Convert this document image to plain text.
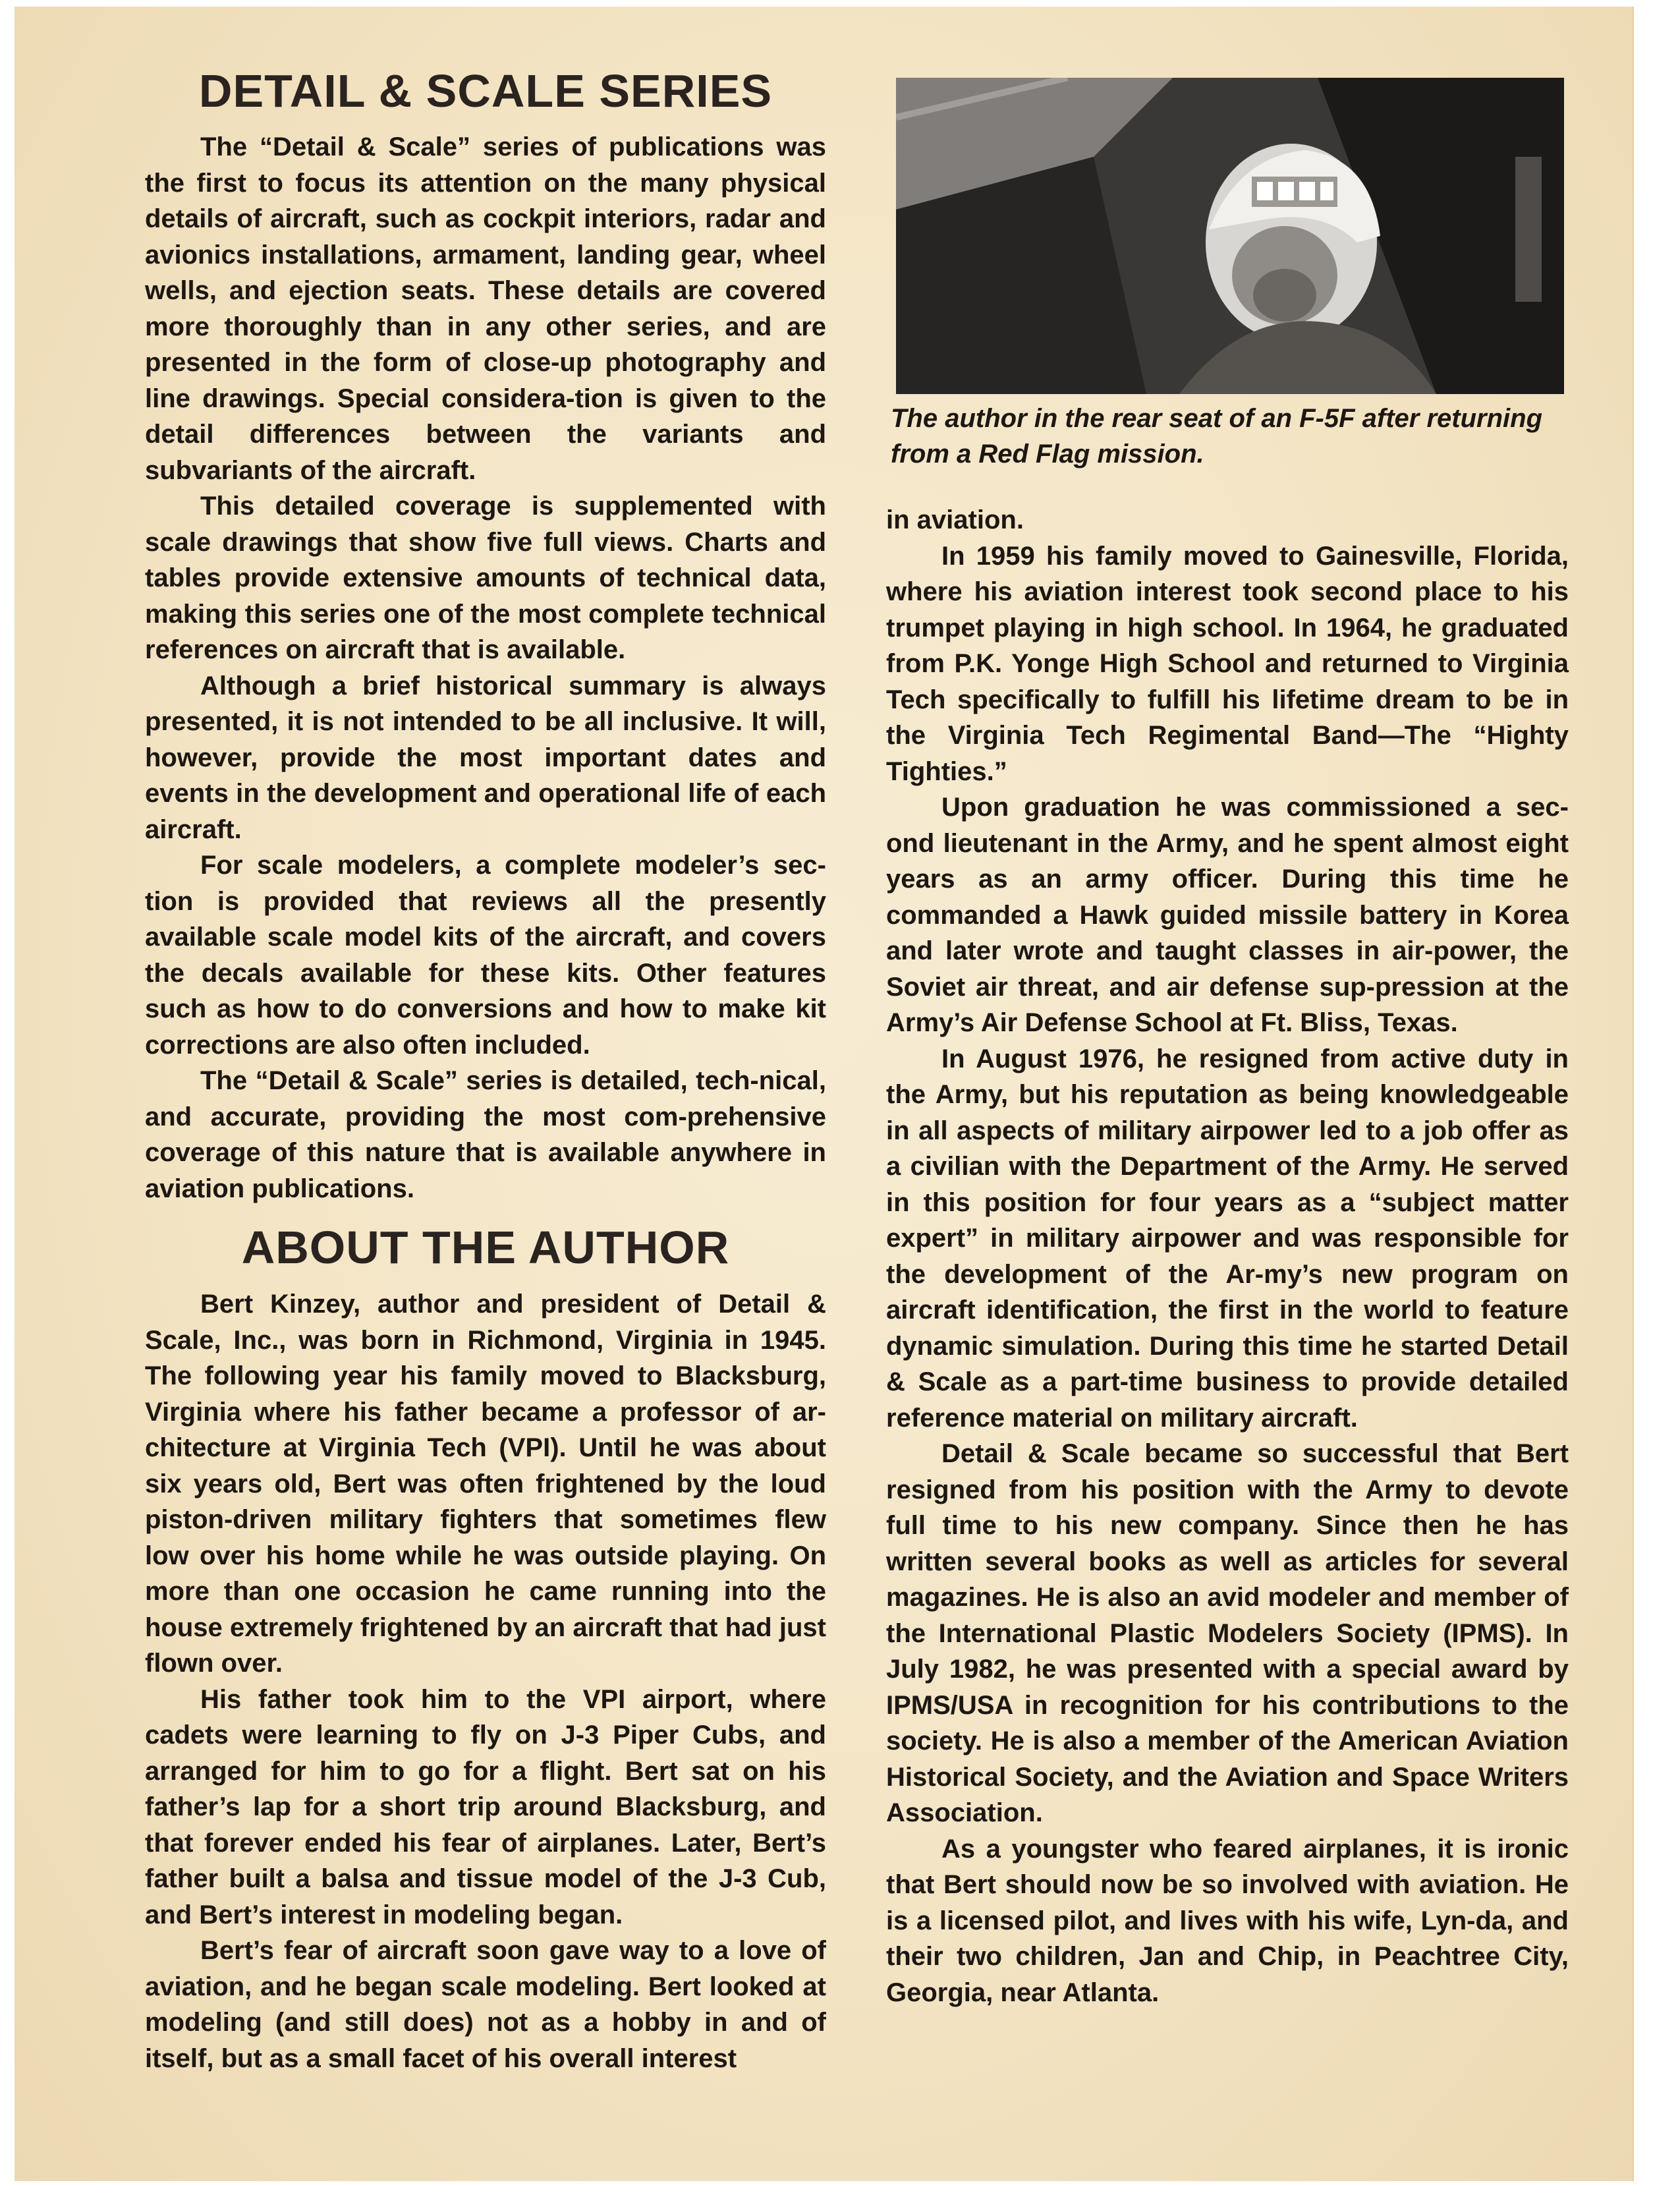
DETAIL & SCALE SERIES

The “Detail & Scale” series of publications was the first to focus its attention on the many physical details of aircraft, such as cockpit interiors, radar and avionics installations, armament, landing gear, wheel wells, and ejection seats. These details are covered more thoroughly than in any other series, and are presented in the form of close-up photography and line drawings. Special considera-tion is given to the detail differences between the variants and subvariants of the aircraft.

This detailed coverage is supplemented with scale drawings that show five full views. Charts and tables provide extensive amounts of technical data, making this series one of the most complete technical references on aircraft that is available.

Although a brief historical summary is always presented, it is not intended to be all inclusive. It will, however, provide the most important dates and events in the development and operational life of each aircraft.

For scale modelers, a complete modeler’s sec-tion is provided that reviews all the presently available scale model kits of the aircraft, and covers the decals available for these kits. Other features such as how to do conversions and how to make kit corrections are also often included.

The “Detail & Scale” series is detailed, tech-nical, and accurate, providing the most com-prehensive coverage of this nature that is available anywhere in aviation publications.

ABOUT THE AUTHOR

Bert Kinzey, author and president of Detail & Scale, Inc., was born in Richmond, Virginia in 1945. The following year his family moved to Blacksburg, Virginia where his father became a professor of ar-chitecture at Virginia Tech (VPI). Until he was about six years old, Bert was often frightened by the loud piston-driven military fighters that sometimes flew low over his home while he was outside playing. On more than one occasion he came running into the house extremely frightened by an aircraft that had just flown over.

His father took him to the VPI airport, where cadets were learning to fly on J-3 Piper Cubs, and arranged for him to go for a flight. Bert sat on his father’s lap for a short trip around Blacksburg, and that forever ended his fear of airplanes. Later, Bert’s father built a balsa and tissue model of the J-3 Cub, and Bert’s interest in modeling began.

Bert’s fear of aircraft soon gave way to a love of aviation, and he began scale modeling. Bert looked at modeling (and still does) not as a hobby in and of itself, but as a small facet of his overall interest

The author in the rear seat of an F-5F after returning from a Red Flag mission.

in aviation.

In 1959 his family moved to Gainesville, Florida, where his aviation interest took second place to his trumpet playing in high school. In 1964, he graduated from P.K. Yonge High School and returned to Virginia Tech specifically to fulfill his lifetime dream to be in the Virginia Tech Regimental Band—The “Highty Tighties.”

Upon graduation he was commissioned a sec-ond lieutenant in the Army, and he spent almost eight years as an army officer. During this time he commanded a Hawk guided missile battery in Korea and later wrote and taught classes in air-power, the Soviet air threat, and air defense sup-pression at the Army’s Air Defense School at Ft. Bliss, Texas.

In August 1976, he resigned from active duty in the Army, but his reputation as being knowledgeable in all aspects of military airpower led to a job offer as a civilian with the Department of the Army. He served in this position for four years as a “subject matter expert” in military airpower and was responsible for the development of the Ar-my’s new program on aircraft identification, the first in the world to feature dynamic simulation. During this time he started Detail & Scale as a part-time business to provide detailed reference material on military aircraft.

Detail & Scale became so successful that Bert resigned from his position with the Army to devote full time to his new company. Since then he has written several books as well as articles for several magazines. He is also an avid modeler and member of the International Plastic Modelers Society (IPMS). In July 1982, he was presented with a special award by IPMS/USA in recognition for his contributions to the society. He is also a member of the American Aviation Historical Society, and the Aviation and Space Writers Association.

As a youngster who feared airplanes, it is ironic that Bert should now be so involved with aviation. He is a licensed pilot, and lives with his wife, Lyn-da, and their two children, Jan and Chip, in Peachtree City, Georgia, near Atlanta.
